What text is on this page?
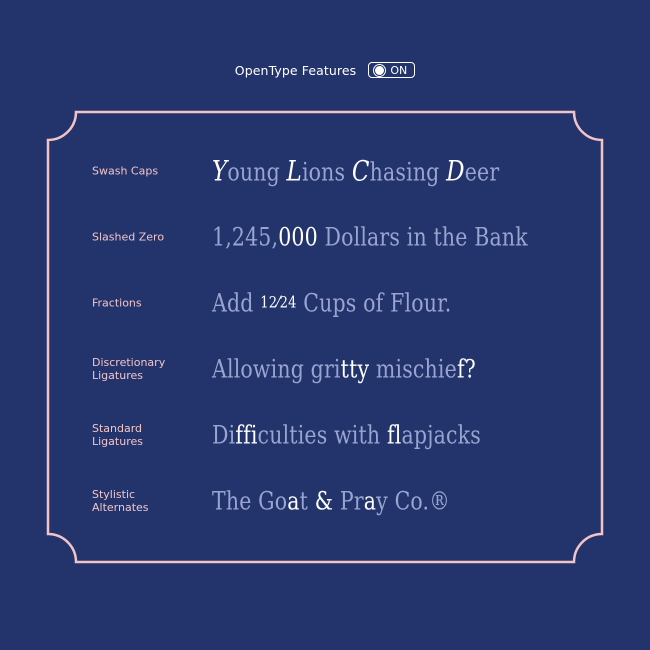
OpenType Features	ON
Swash Caps	Young Lions Chasing Deer
Slashed Zero	1,245,000 Dollars in the Bank
Fractions	Add 12⁄24 Cups of Flour.
Discretionary Ligatures	Allowing gritty mischief?
Standard Ligatures	Difficulties with flapjacks
Stylistic Alternates	The Goat & Pray Co.®
